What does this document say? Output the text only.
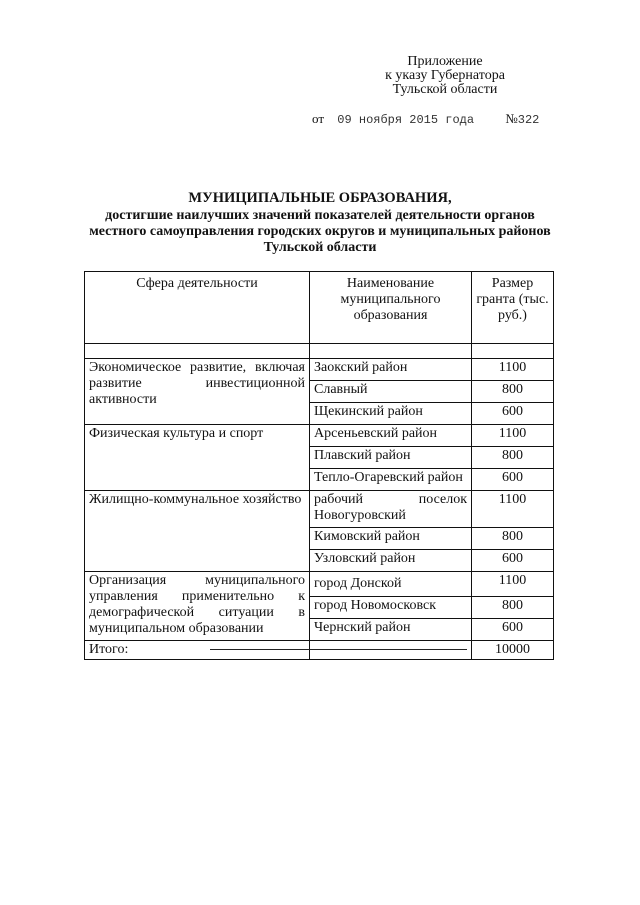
Приложение
к указу Губернатора
Тульской области
от 09 ноября 2015 года №322
МУНИЦИПАЛЬНЫЕ ОБРАЗОВАНИЯ,
достигшие наилучших значений показателей деятельности органов
местного самоуправления городских округов и муниципальных районов
Тульской области
Сфера деятельности	Наименование муниципального образования	Размер гранта (тыс. руб.)

Экономическое развитие, включая развитие инвестиционной активности	Заокский район	1100
	Славный	800
	Щекинский район	600
Физическая культура и спорт	Арсеньевский район	1100
	Плавский район	800
	Тепло-Огаревский район	600
Жилищно-коммунальное хозяйство	рабочий поселок Новогуровский	1100
	Кимовский район	800
	Узловский район	600
Организация муниципального управления применительно к демографической ситуации в муниципальном образовании	город Донской	1100
	город Новомосковск	800
	Чернский район	600
Итого:		10000
